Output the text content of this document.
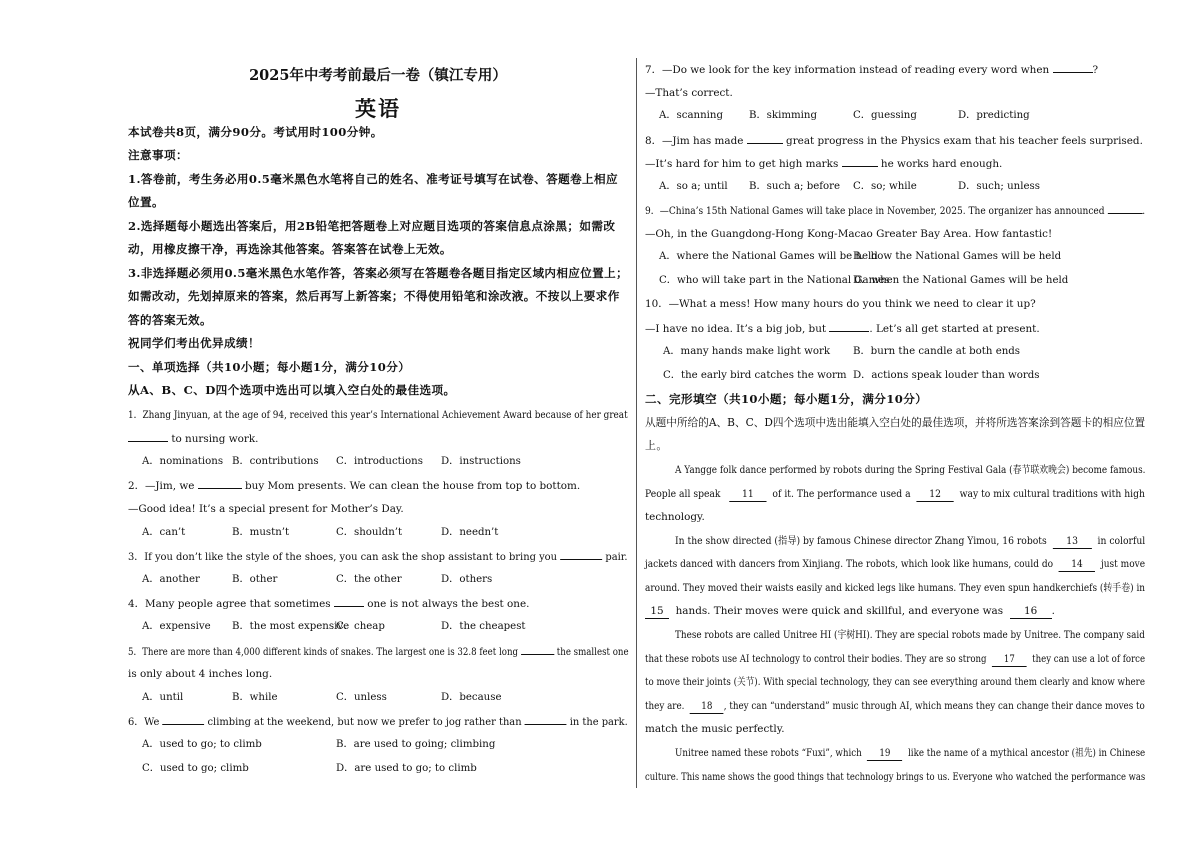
2025年中考考前最后一卷（镇江专用）
英语
本试卷共8页，满分90分。考试用时100分钟。
注意事项：
1.答卷前，考生务必用0.5毫米黑色水笔将自己的姓名、准考证号填写在试卷、答题卷上相应
位置。
2.选择题每小题选出答案后，用2B铅笔把答题卷上对应题目选项的答案信息点涂黑；如需改
动，用橡皮擦干净，再选涂其他答案。答案答在试卷上无效。
3.非选择题必须用0.5毫米黑色水笔作答，答案必须写在答题卷各题目指定区域内相应位置上；
如需改动，先划掉原来的答案，然后再写上新答案；不得使用铅笔和涂改液。不按以上要求作
答的答案无效。
祝同学们考出优异成绩！
一、单项选择（共10小题；每小题1分，满分10分）
从A、B、C、D四个选项中选出可以填入空白处的最佳选项。
1．Zhang Jinyuan, at the age of 94, received this year’s International Achievement Award because of her great
to nursing work.
A．nominations B．contributions C．introductions D．instructions
2．—Jim, we	buy Mom presents. We can clean the house from top to bottom.
—Good idea! It’s a special present for Mother’s Day.
A．can’t	B．mustn’t	C．shouldn’t	D．needn’t
3．If you don’t like the style of the shoes, you can ask the shop assistant to bring you	pair.
A．another	B．other	C．the other	D．others
4．Many people agree that sometimes	one is not always the best one.
A．expensive B．the most expensive
C．cheap	D．the cheapest
5．There are more than 4,000 different kinds of snakes. The largest one is 32.8 feet long	the smallest one
is only about 4 inches long.
A．until	B．while	C．unless	D．because
6．We	climbing at the weekend, but now we prefer to jog rather than	in the park.
A．used to go; to climb	B．are used to going; climbing
C．used to go; climb	D．are used to go; to climb
7．—Do we look for the key information instead of reading every word when	?
—That’s correct.
A．scanning	B．skimming	C．guessing	D．predicting
8．—Jim has made	great progress in the Physics exam that his teacher feels surprised.
—It’s hard for him to get high marks	he works hard enough.
A．so a; until B．such a; before C．so; while	D．such; unless
9．—China’s 15th National Games will take place in November, 2025. The organizer has announced	.
—Oh, in the Guangdong-Hong Kong-Macao Greater Bay Area. How fantastic!
A．where the National Games will be held
B．how the National Games will be held
C．who will take part in the National Games
D．when the National Games will be held
10．—What a mess! How many hours do you think we need to clear it up?
—I have no idea. It’s a big job, but	. Let’s all get started at present.
A．many hands make light work B．burn the candle at both ends
C．the early bird catches the worm D．actions speak louder than words
二、完形填空（共10小题；每小题1分，满分10分）
从题中所给的A、B、C、D四个选项中选出能填入空白处的最佳选项，并将所选答案涂到答题卡的相应位置
上。
A Yangge folk dance performed by robots during the Spring Festival Gala (春节联欢晚会) become famous.
People all speak 11 of it. The performance used a 12 way to mix cultural traditions with high
technology.
In the show directed (指导) by famous Chinese director Zhang Yimou, 16 robots 13 in colorful
jackets danced with dancers from Xinjiang. The robots, which look like humans, could do 14 just move
around. They moved their waists easily and kicked legs like humans. They even spun handkerchiefs (转手卷) in
15 hands. Their moves were quick and skillful, and everyone was 16 .
These robots are called Unitree HI (宇树HI). They are special robots made by Unitree. The company said
that these robots use AI technology to control their bodies. They are so strong 17 they can use a lot of force
to move their joints (关节). With special technology, they can see everything around them clearly and know where
they are. 18 , they can “understand” music through AI, which means they can change their dance moves to
match the music perfectly.
Unitree named these robots “Fuxi”, which 19 like the name of a mythical ancestor (祖先) in Chinese
culture. This name shows the good things that technology brings to us. Everyone who watched the performance was
